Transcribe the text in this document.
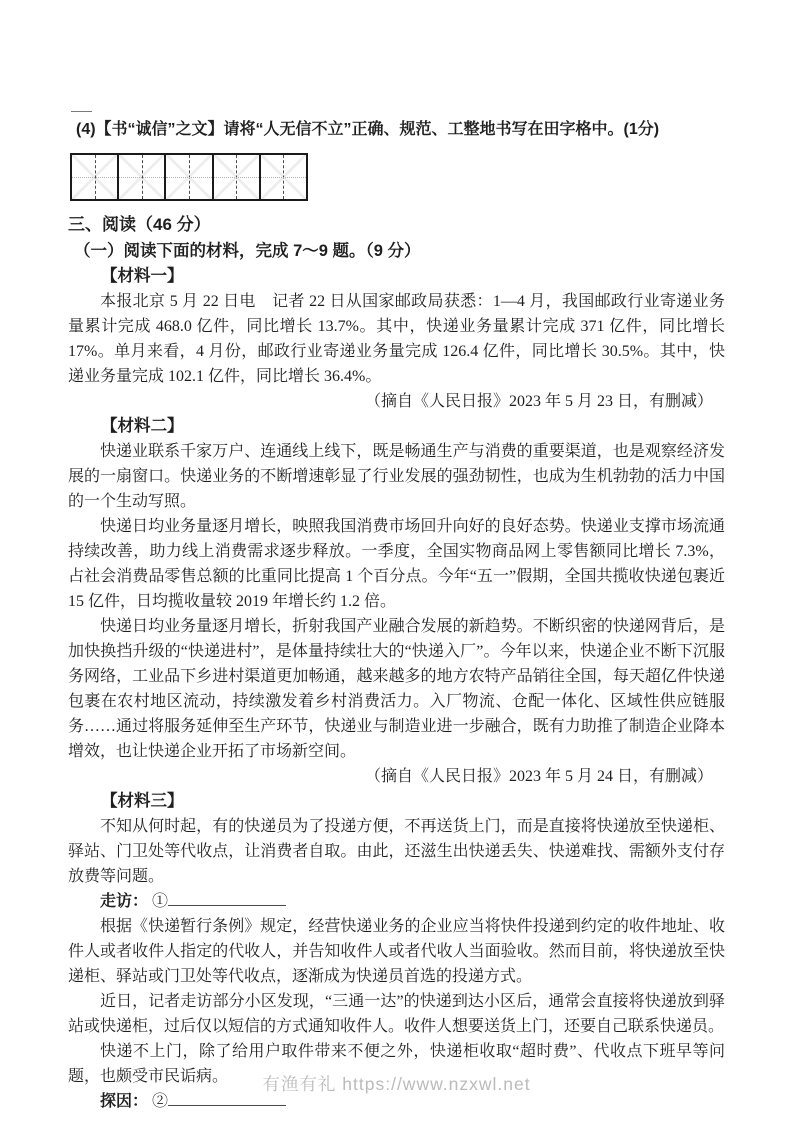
(4)【书“诚信”之文】请将“人无信不立”正确、规范、工整地书写在田字格中。(1分)
三、阅读（46 分）
（一）阅读下面的材料，完成 7～9 题。（9 分）
【材料一】

本报北京 5 月 22 日电　记者 22 日从国家邮政局获悉：1—4 月，我国邮政行业寄递业务量累计完成 468.0 亿件，同比增长 13.7%。其中，快递业务量累计完成 371 亿件，同比增长 17%。单月来看，4 月份，邮政行业寄递业务量完成 126.4 亿件，同比增长 30.5%。其中，快递业务量完成 102.1 亿件，同比增长 36.4%。

（摘自《人民日报》2023 年 5 月 23 日，有删减）
【材料二】

快递业联系千家万户、连通线上线下，既是畅通生产与消费的重要渠道，也是观察经济发展的一扇窗口。快递业务的不断增速彰显了行业发展的强劲韧性，也成为生机勃勃的活力中国的一个生动写照。

快递日均业务量逐月增长，映照我国消费市场回升向好的良好态势。快递业支撑市场流通持续改善，助力线上消费需求逐步释放。一季度，全国实物商品网上零售额同比增长 7.3%，占社会消费品零售总额的比重同比提高 1 个百分点。今年“五一”假期，全国共揽收快递包裹近 15 亿件，日均揽收量较 2019 年增长约 1.2 倍。

快递日均业务量逐月增长，折射我国产业融合发展的新趋势。不断织密的快递网背后，是加快换挡升级的“快递进村”，是体量持续壮大的“快递入厂”。今年以来，快递企业不断下沉服务网络，工业品下乡进村渠道更加畅通，越来越多的地方农特产品销往全国，每天超亿件快递包裹在农村地区流动，持续激发着乡村消费活力。入厂物流、仓配一体化、区域性供应链服务……通过将服务延伸至生产环节，快递业与制造业进一步融合，既有力助推了制造企业降本增效，也让快递企业开拓了市场新空间。

（摘自《人民日报》2023 年 5 月 24 日，有删减）
【材料三】

不知从何时起，有的快递员为了投递方便，不再送货上门，而是直接将快递放至快递柜、驿站、门卫处等代收点，让消费者自取。由此，还滋生出快递丢失、快递难找、需额外支付存放费等问题。

走访： ①

根据《快递暂行条例》规定，经营快递业务的企业应当将快件投递到约定的收件地址、收件人或者收件人指定的代收人，并告知收件人或者代收人当面验收。然而目前，将快递放至快递柜、驿站或门卫处等代收点，逐渐成为快递员首选的投递方式。

近日，记者走访部分小区发现，“三通一达”的快递到达小区后，通常会直接将快递放到驿站或快递柜，过后仅以短信的方式通知收件人。收件人想要送货上门，还要自己联系快递员。

快递不上门，除了给用户取件带来不便之外，快递柜收取“超时费”、代收点下班早等问题，也颇受市民诟病。

探因： ②
有渔有礼 https://www.nzxwl.net
